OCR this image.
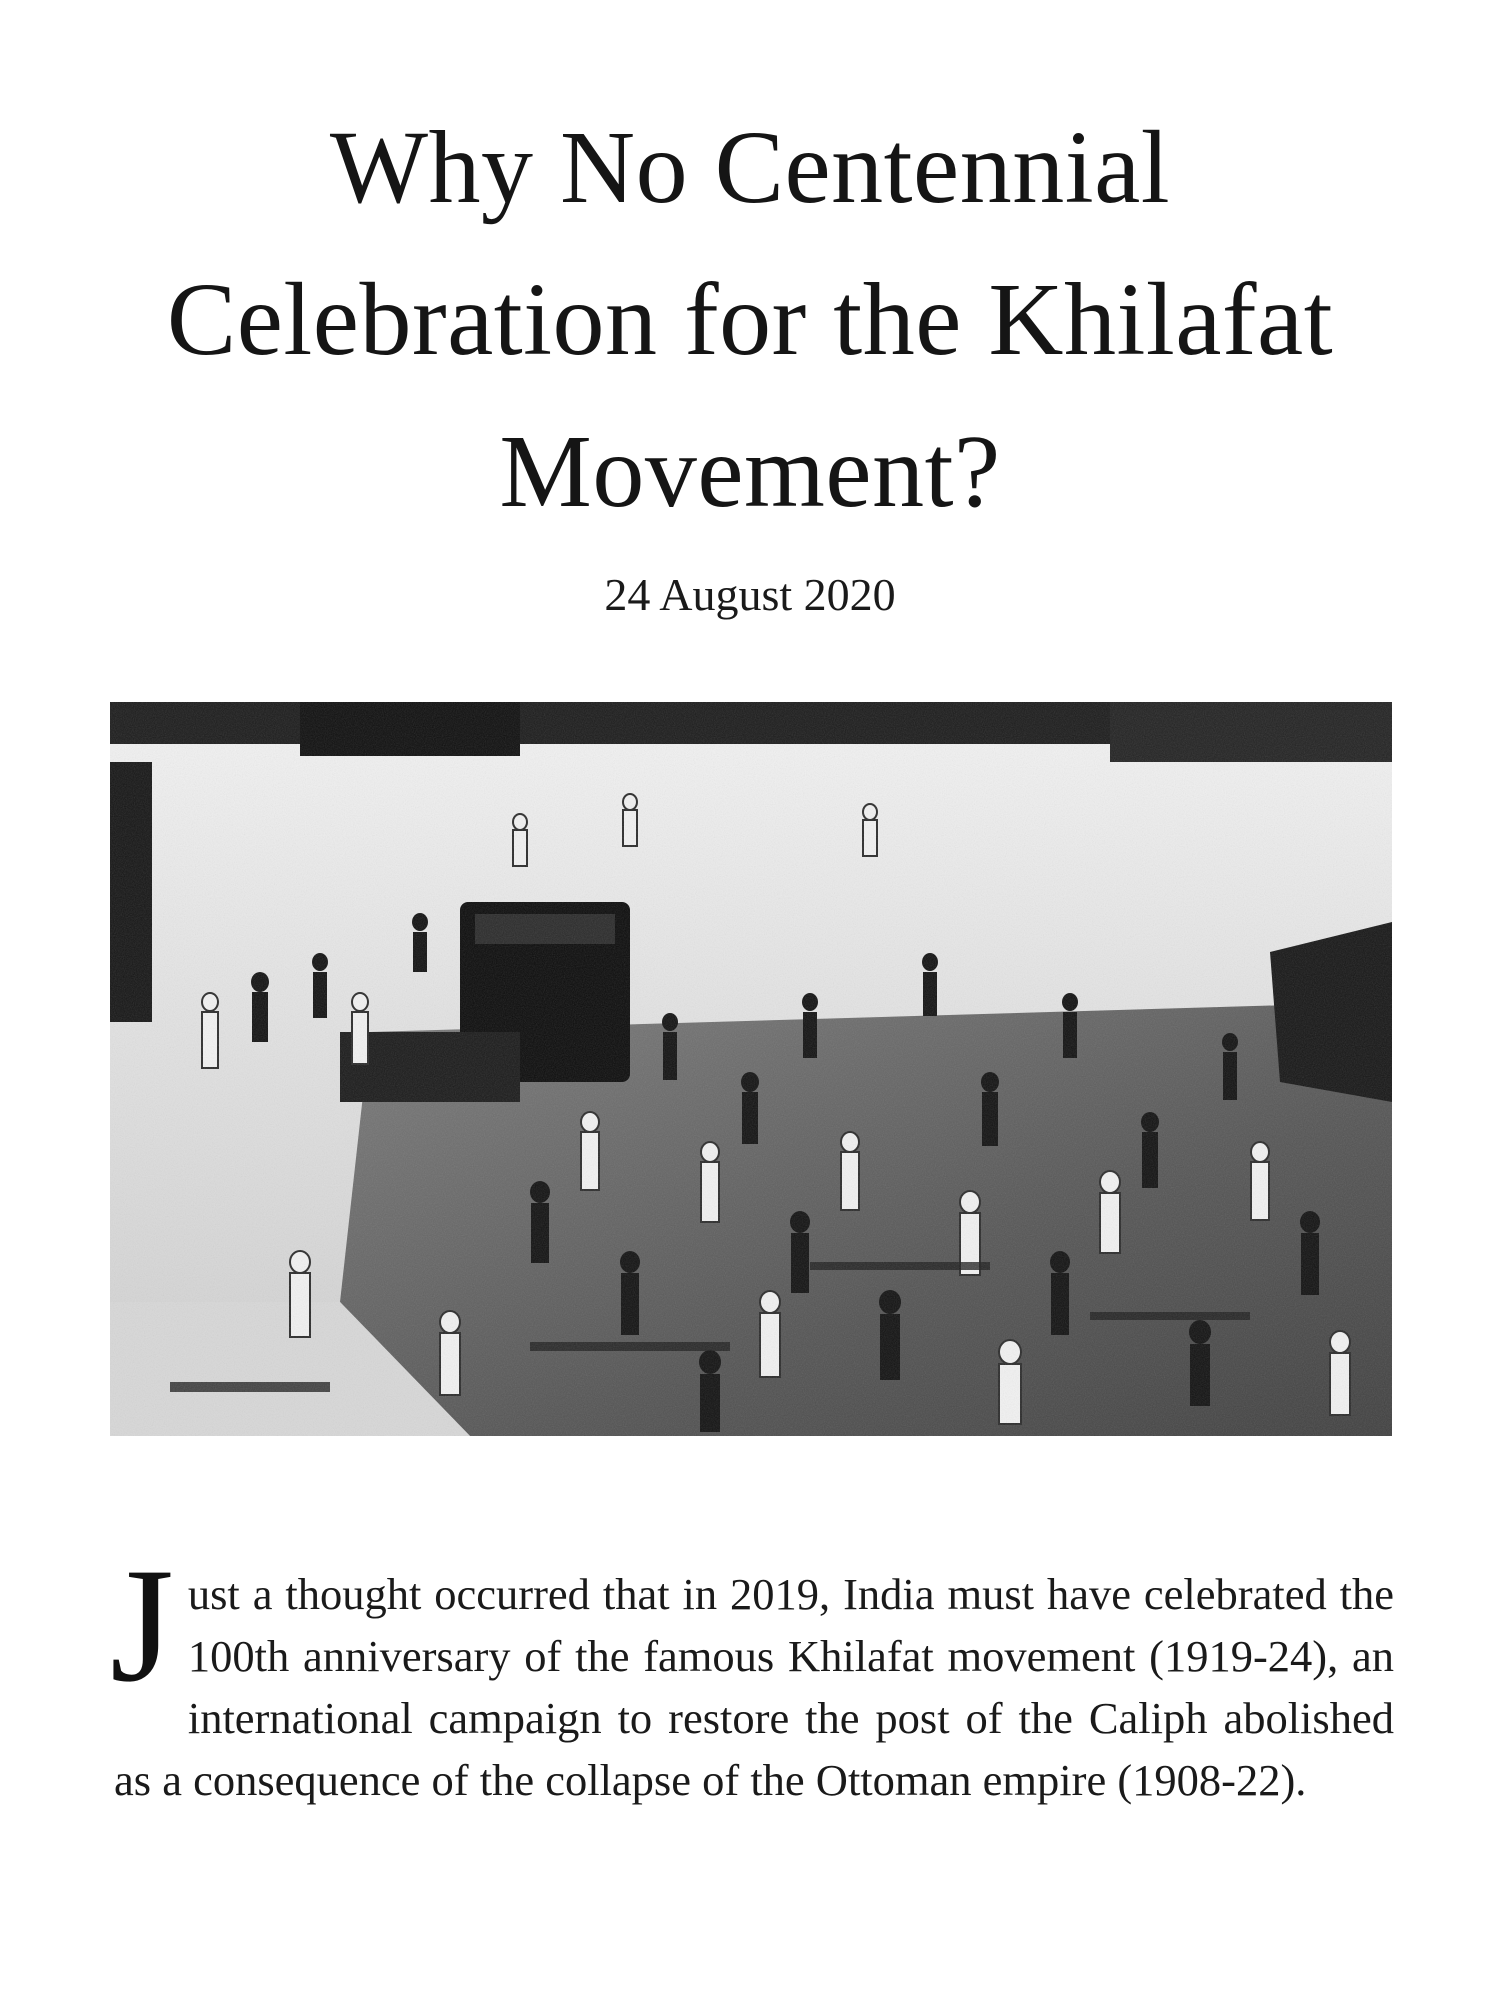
Why No Centennial
Celebration for the Khilafat
Movement?
24 August 2020

Just a thought occurred that in 2019, India must have celebrated the 100th anniversary of the famous Khilafat movement (1919-24), an international campaign to restore the post of the Caliph abolished as a consequence of the collapse of the Ottoman empire (1908-22).
